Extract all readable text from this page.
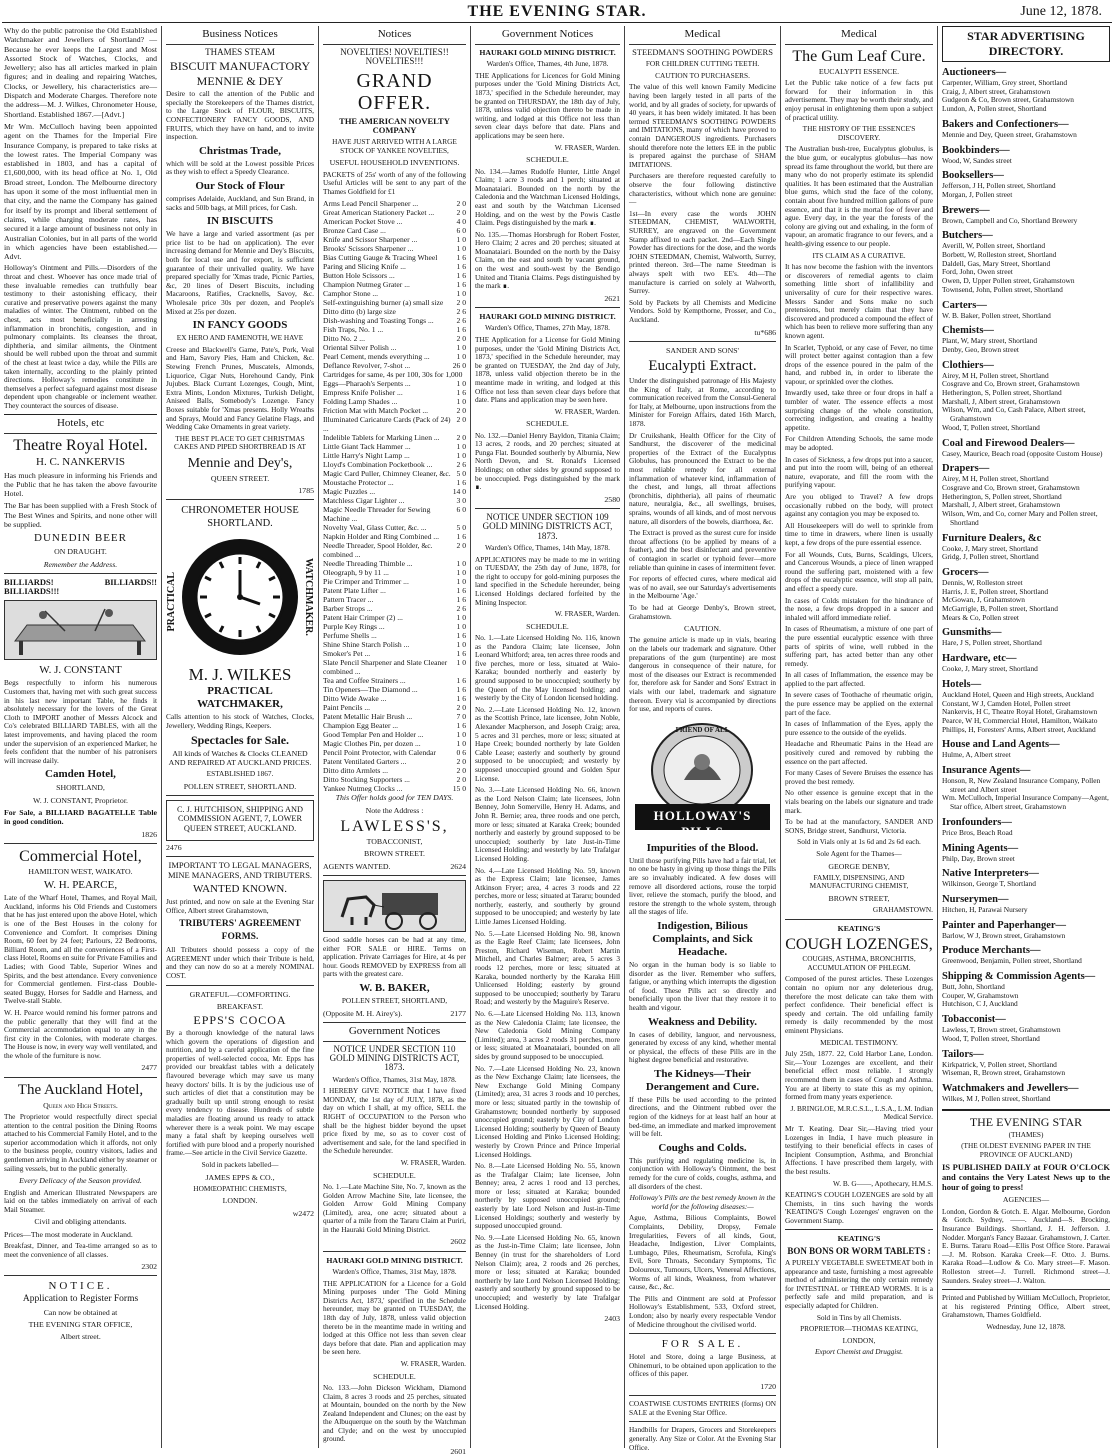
THE EVENING STAR.	June 12, 1878.

Why do the public patronise the Old Established Watchmaker and Jewellers of Shortland? — Because he ever keeps the Largest and Most Assorted Stock of Watches, Clocks, and Jewellery; also has all articles marked in plain figures; and in dealing and repairing Watches, Clocks, or Jewellery, his characteristics are—Dispatch and Moderate Charges. Therefore note the address—M. J. Wilkes, Chronometer House, Shortland. Established 1867.—[Advt.]

Mr Wm. McCulloch having been appointed agent on the Thames for the Imperial Fire Insurance Company, is prepared to take risks at the lowest rates. The Imperial Company was established in 1803, and has a capital of £1,600,000, with its head office at No. 1, Old Broad street, London. The Melbourne directory has upon it some of the most influential men in that city, and the name the Company has gained for itself by its prompt and liberal settlement of claims, while charging moderate rates, has secured it a large amount of business not only in Australian Colonies, but in all parts of the world in which agencies have been established.—Advt.

Holloway's Ointment and Pills.—Disorders of the throat and chest. Whoever has once made trial of these invaluable remedies can truthfully bear testimony to their astonishing efficacy, their curative and preservative powers against the many maladies of winter. The Ointment, rubbed on the chest, acts most beneficially in arresting inflammation in bronchitis, congestion, and in pulmonary complaints. Its cleanses the throat, diphtheria, and similar ailments, the Ointment should be well rubbed upon the throat and summit of the chest at least twice a day, while the Pills are taken internally, according to the plainly printed directions. Holloway's remedies constitute in themselves a perfect safeguard against most disease dependent upon changeable or inclement weather. They counteract the sources of disease.

Hotels, etc
Theatre Royal Hotel.
H. C. NANKERVIS

Has much pleasure in informing his Friends and the Public that he has taken the above favourite Hotel.

The Bar has been supplied with a Fresh Stock of The Best Wines and Spirits, and none other will be supplied.

DUNEDIN BEER

ON DRAUGHT.

Remember the Address.

BILLIARDS! BILLIARDS!! BILLIARDS!!!

W. J. CONSTANT

Begs respectfully to inform his numerous Customers that, having met with such great success in his last new important Table, he finds it absolutely necessary for the lovers of the Great Cloth to IMPORT another of Messrs Alcock and Co's celebrated BILLIARD TABLES, with all the latest improvements, and having placed the room under the supervision of an experienced Marker, he feels confident that the number of his patronisers will increase daily.

Camden Hotel,

SHORTLAND,

W. J. CONSTANT, Proprietor.

For Sale, a BILLIARD BAGATELLE Table in good condition.

1826

Commercial Hotel,

HAMILTON WEST, WAIKATO.

W. H. PEARCE,

Late of the Wharf Hotel, Thames, and Royal Mail, Auckland, informs his Old Friends and Customers that he has just entered upon the above Hotel, which is one of the Best Houses in the colony for Convenience and Comfort. It comprises Dining Room, 60 feet by 24 feet; Parlours, 22 Bedrooms, Billiard Room, and all the conveniences of a First-class Hotel, Rooms en suite for Private Families and Ladies; with Good Table, Superior Wines and Spirits, and the best attendance. Every convenience for Commercial gentlemen. First-class Double-seated Buggy, Horses for Saddle and Harness, and Twelve-stall Stable.

W. H. Pearce would remind his former patrons and the public generally that they will find at the Commercial accommodation equal to any in the first city in the Colonies, with moderate charges. The House is now, in every way well ventilated, and the whole of the furniture is now.

2477

The Auckland Hotel,

Queen and High Streets.

The Proprietor would respectfully direct special attention to the central position the Dining Rooms attached to his Commercial Family Hotel, and to the superior accommodation which it affords, not only to the business people, country visitors, ladies and gentlemen arriving in Auckland either by steamer or sailing vessels, but to the public generally.

Every Delicacy of the Season provided.

English and American Illustrated Newspapers are laid on the tables immediately on arrival of each Mail Steamer.

Civil and obliging attendants.

Prices—The most moderate in Auckland.

Breakfast, Dinner, and Tea-time arranged so as to meet the convenience of all classes.

2302

NOTICE.

Application to Register Forms

Can now be obtained at

THE EVENING STAR OFFICE,

Albert street.

Business Notices

THAMES STEAM

BISCUIT MANUFACTORY
MENNIE & DEY

Desire to call the attention of the Public and specially the Storekeepers of the Thames district, to the Large Stock of FLOUR, BISCUITS, CONFECTIONERY FANCY GOODS, AND FRUITS, which they have on hand, and to invite inspection.

Christmas Trade,

which will be sold at the Lowest possible Prices as they wish to effect a Speedy Clearance.

Our Stock of Flour

comprises Adelaide, Auckland, and Sun Brand, in sacks and 50lb bags, at Mill prices, for Cash.

IN BISCUITS

We have a large and varied assortment (as per price list to be had on application). The ever increasing demand for Mennie and Dey's Biscuits, both for local use and for export, is sufficient guarantee of their unrivalled quality. We have prepared specially for 'Xmas trade, Picnic Parties, &c, 20 lines of Desert Biscuits, including Macaroons, Ratifies, Cracknells, Savoy, &c. Wholesale price 30s per dozen, and People's Mixed at 25s per dozen.

IN FANCY GOODS

EX HERO AND FAMENOTH, WE HAVE

Creese and Blackwell's Game, Pate's, Pork, Veal and Ham, Savory Pies, Ham and Chicken, &c. Stewing French Prunes, Muscatels, Almonds, Liquorice, Cigar Nuts, Horehound Candy, Pink Jujubes. Black Currant Lozenges, Cough, Mint, Extra Mints, London Mixtures, Turkish Delight, Aniseed Balls, Somebody's Lozenge. Fancy Boxes suitable for 'Xmas presents. Holly Wreaths and Sprays, Mould and Fancy Gelatine Flags, and Wedding Cake Ornaments in great variety.

THE BEST PLACE TO GET CHRISTMAS CAKES AND PIPED SHORTBREAD IS AT

Mennie and Dey's,

QUEEN STREET.

1785

CHRONOMETER HOUSE SHORTLAND.
PRACTICAL	WATCHMAKER.
M. J. WILKES
PRACTICAL WATCHMAKER,

Calls attention to his stock of Watches, Clocks, Jewellery, Wedding Rings, Keepers.

Spectacles for Sale.

All kinds of Watches & Clocks CLEANED AND REPAIRED AT AUCKLAND PRICES.

ESTABLISHED 1867.

POLLEN STREET, SHORTLAND.

C. J. HUTCHISON, SHIPPING AND COMMISSION AGENT, 7, LOWER QUEEN STREET, AUCKLAND.

2476

IMPORTANT TO LEGAL MANAGERS, MINE MANAGERS, AND TRIBUTERS.

WANTED KNOWN.

Just printed, and now on sale at the Evening Star Office, Albert street Grahamstown,

TRIBUTERS' AGREEMENT FORMS.

All Tributers should possess a copy of the AGREEMENT under which their Tribute is held, and they can now do so at a merely NOMINAL COST.

GRATEFUL—COMFORTING.

BREAKFAST.

EPPS'S COCOA

By a thorough knowledge of the natural laws which govern the operations of digestion and nutrition, and by a careful application of the fine properties of well-selected cocoa, Mr. Epps has provided our breakfast tables with a delicately flavoured beverage which may save us many heavy doctors' bills. It is by the judicious use of such articles of diet that a constitution may be gradually built up until strong enough to resist every tendency to disease. Hundreds of subtle maladies are floating around us ready to attack wherever there is a weak point. We may escape many a fatal shaft by keeping ourselves well fortified with pure blood and a properly nourished frame.—See article in the Civil Service Gazette.

Sold in packets labelled—

JAMES EPPS & CO.,

HOMŒOPATHIC CHEMISTS,

LONDON.

w2472

Notices

NOVELTIES! NOVELTIES!! NOVELTIES!!!

GRAND OFFER.

THE AMERICAN NOVELTY COMPANY

HAVE JUST ARRIVED WITH A LARGE STOCK OF YANKEE NOVELTIES,

USEFUL HOUSEHOLD INVENTIONS.

PACKETS of 25s' worth of any of the following Useful Articles will be sent to any part of the Thames Goldfield for £1

Arms Lead Pencil Sharpener ...	2 0
Great American Stationery Packet ...	2 0
American Pocket Stove ...	4 0
Bronze Card Case ...	6 0
Knife and Scissor Sharpener ...	1 0
Brooks' Scissors Sharpener ...	1 0
Bias Cutting Gauge & Tracing Wheel	1 6
Paring and Slicing Knife ...	1 6
Button Hole Scissors ...	1 6
Champion Nutmeg Grater ...	1 6
Camphor Stone ...	1 0
Self-extinguishing burner (a) small size	2 0
Ditto ditto (b) large size	2 6
Dish-washing and Toasting Tongs ...	2 6
Fish Traps, No. 1 ...	1 6
Ditto No. 2 ...	2 0
Oriental Silver Polish ...	1 0
Pearl Cement, mends everything ...	1 0
Deflance Revolver, 7-shot ...	26 0
Cartridges for same, 4s per 100, 30s for 1,000
Eggs—Pharaoh's Serpents ...	1 0
Empress Knife Polisher ...	1 6
Folding Lamp Shades ...	1 0
Friction Mat with Match Pocket ...	2 0
Illuminated Caricature Cards (Pack of 24) ...
2 0
Indelible Tablets for Marking Linen ...	2 0
Little Giant Tack Hammer ...	1 0
Little Harry's Night Lamp ...	1 0
Lloyd's Combination Pocketbook ...	2 6
Magic Card Puller, Chimney Cleaner, &c. 5 0
Moustache Protector ...	1 6
Magic Puzzles ...	14 0
Matchless Cigar Lighter ...	3 0
Magic Needle Threader for Sewing Machine ...
6 0
Novelty Veal, Glass Cutter, &c. ...	5 0
Napkin Holder and Ring Combined ...	1 6
Needle Threader, Spool Holder, &c. combined ...
2 0
Needle Threading Thimble ...	1 0
Oleograph, 9 by 11 ...	1 0
Pie Crimper and Trimmer ...	1 0
Patent Plate Lifter ...	1 6
Pattern Tracer ...	1 6
Barber Strops ...	2 6
Patent Hair Crimper (2) ...	1 0
Purple Key Rings ...	1 0
Perfume Shells ...	1 6
Shine Shine Starch Polish ...	1 0
Smoker's Pet ...	1 6
Slate Pencil Sharpener and Slate Cleaner combined ...
1 0
Tea and Coffee Strainers ...	1 6
Tin Openers—The Diamond ...	1 6
Ditto Wide Awake ...	1 6
Paint Pencils ...	2 0
Patent Metallic Hair Brush ...	7 0
Champion Egg Beater ...	1 6
Good Templar Pen and Holder ...	1 0
Magic Clothes Pin, per dozen ...	1 0
Pencil Point Protector, with Calendar	0 6
Patent Ventilated Garters ...	2 0
Ditto ditto Armlets ...	2 0
Ditto Stocking Supporters ...	2 0
Yankee Nutmeg Clocks ...	15 0

This Offer holds good for TEN DAYS.

Note the Address :

LAWLESS'S,

TOBACCONIST,

BROWN STREET.

AGENTS WANTED.	2624

Good saddle horses can be had at any time, either FOR SALE or HIRE. Terms on application. Private Carriages for Hire, at 4s per hour. Goods REMOVED by EXPRESS from all parts with the greatest care.

W. B. BAKER,

POLLEN STREET, SHORTLAND,

(Opposite M. H. Airey's).	2177

Government Notices

NOTICE UNDER SECTION 110 GOLD MINING DISTRICTS ACT, 1873.

Warden's Office, Thames, 31st May, 1878.

I HEREBY GIVE NOTICE that I have fixed MONDAY, the 1st day of JULY, 1878, as the day on which I shall, at my office, SELL the RIGHT of OCCUPATION to the Person who shall be the highest bidder beyond the upset price fixed by me, so as to cover cost of advertisement and sale, for the land specified in the Schedule hereunder.

W. FRASER, Warden.

SCHEDULE.

No. 1.—Late Machine Site, No. 7, known as the Golden Arrow Machine Site, late licensee, the Golden Arrow Gold Mining Company (Limited), area, one acre; situated about a quarter of a mile from the Tararu Claim at Puriri, in the Hauraki Gold Mining District.

2602

HAURAKI GOLD MINING DISTRICT.

Warden's Office, Thames, 31st May, 1878.

THE APPLICATION for a Licence for a Gold Mining purposes under 'The Gold Mining Districts Act, 1873,' specified in the Schedule hereunder, may be granted on TUESDAY, the 18th day of July, 1878, unless valid objection thereto be in the meantime made in writing and lodged at this Office not less than seven clear days before that date. Plan and application may be seen here.

W. FRASER, Warden.

SCHEDULE.

No. 133.—John Dickson Wickham, Diamond Claim, 8 acres 3 roods and 25 perches, situated at Mountain, bounded on the north by the New Zealand Independent and Clunes; on the east by the Albuquerque on the south by the Watchman and Clyde; and on the west by unoccupied ground.

2601

Government Notices

HAURAKI GOLD MINING DISTRICT.

Warden's Office, Thames, 4th June, 1878.

THE Applications for Licences for Gold Mining purposes under the 'Gold Mining Districts Act, 1873,' specified in the Schedule hereunder, may be granted on THURSDAY, the 18th day of July, 1878, unless valid objection thereto be made in writing, and lodged at this Office not less than seven clear days before that date. Plans and applications may be seen here.

W. FRASER, Warden.

SCHEDULE.

No. 134.—James Rudolfe Hunter, Little Angel Claim; 1 acre 3 roods and 1 perch; situated at Moanataiari. Bounded on the north by the Caledonia and the Watchman Licensed Holdings, east and south by the Watchman Licensed Holding, and on the west by the Powis Castle Claim. Pegs distinguished by the mark ∎.

No. 135.—Thomas Horsbrugh for Robert Foster, Hero Claim; 2 acres and 20 perches; situated at Moanataiari. Bounded on the north by the Daisy Claim, on the east and south by vacant ground, on the west and south-west by the Bendigo United and Titania Claims. Pegs distinguished by the mark ∎.

2621

HAURAKI GOLD MINING DISTRICT.

Warden's Office, Thames, 27th May, 1878.

THE Application for a License for Gold Mining purposes, under the 'Gold Mining Districts Act, 1873,' specified in the Schedule hereunder, may be granted on TUESDAY, the 2nd day of July, 1878, unless valid objection thereto be in the meantime made in writing, and lodged at this Office not less than seven clear days before that date. Plans and application may be seen here.

W. FRASER, Warden.

SCHEDULE.

No. 132.—Daniel Henry Bayldon, Titania Claim; 13 acres, 2 roods, and 20 perches; situated at Punga Flat. Bounded southerly by Alburnia, New North Devon, and St. Ronald's Licensed Holdings; on other sides by ground supposed to be unoccupied. Pegs distinguished by the mark ∎.

2580

NOTICE UNDER SECTION 109 GOLD MINING DISTRICTS ACT, 1873.

Warden's Office, Thames, 14th May, 1878.

APPLICATIONS may be made to me in writing on TUESDAY, the 25th day of June, 1878, for the right to occupy for gold-mining purposes the land specified in the Schedule hereunder, being Licensed Holdings declared forfeited by the Mining Inspector.

W. FRASER, Warden.

SCHEDULE.

No. 1.—Late Licensed Holding No. 116, known as the Pandora Claim; late licensee, John Leonard Whitford; area, ten acres three roods and five perches, more or less, situated at Waio-Karaka; bounded northerly and easterly by ground supposed to be unoccupied; southerly by the Queen of the May licensed holding; and westerly by the City of London licensed holding.

No. 2.—Late Licensed Holding No. 12, known as the Scottish Prince, late licensee, John Noble, Alexander Macpherson, and Joseph Craig; area, 5 acres and 31 perches, more or less; situated at Hape Creek; bounded northerly by late Golden Cable Lease; easterly and southerly by ground supposed to be unoccupied; and westerly by supposed unoccupied ground and Golden Spur License.

No. 3.—Late Licensed Holding No. 66, known as the Lord Nelson Claim; late licensees, John Benney, John Somerville, Henry H. Adams, and John R. Bernie; area, three roods and one perch, more or less; situated at Karaka Creek; bounded northerly and easterly by ground supposed to be unoccupied; southerly by late Just-in-Time Licensed Holding; and westerly by late Trafalgar Licensed Holding.

No. 4.—Late Licensed Holding No. 59, known as the Express Claim; late licensee, James Atkinson Fryer; area, 4 acres 3 roods and 22 perches, more or less; situated at Tararu; bounded northerly, easterly, and southerly by ground supposed to be unoccupied; and westerly by late Little James Licensed Holding.

No. 5.—Late Licensed Holding No. 98, known as the Eagle Reef Claim; late licensees, John Preston, Richard Wiseman, Robert Martin Mitchell, and Charles Balmer; area, 5 acres 3 roods 12 perches, more or less; situated at Karaka, bounded northerly by the Karaka Hill Unlicensed Holding; easterly by ground supposed to be unoccupied; southerly by Tararu Road; and westerly by the Maguire's Reserve.

No. 6.—Late Licensed Holding No. 113, known as the New Caledonia Claim; late licensee, the New Caledonia Gold Mining Company (Limited); area, 3 acres 2 roods 31 perches, more or less; situated at Moanataiari, bounded on all sides by ground supposed to be unoccupied.

No. 7.—Late Licensed Holding No. 23, known as the New Exchange Claim; late licensees, the New Exchange Gold Mining Company (Limited); area, 31 acres 3 roods and 10 perches, more or less; situated partly in the township of Grahamstown; bounded northerly by supposed unoccupied ground; easterly by City of London Licensed Holding; southerly by Queen of Beauty Licensed Holding and Pinko Licensed Holding; westerly by Crown Prince and Prince Imperial Licensed Holdings.

No. 8.—Late Licensed Holding No. 55, known as the Trafalgar Claim; late licensee, John Benney; area, 2 acres 1 rood and 13 perches, more or less; situated at Karaka; bounded northerly by supposed unoccupied ground; easterly by late Lord Nelson and Just-in-Time Licensed Holdings; southerly and westerly by supposed unoccupied ground.

No. 9.—Late Licensed Holding No. 65, known as the Just-in-Time Claim; late licensee, John Benney (in trust for the shareholders of Lord Nelson Claim); area, 2 roods and 26 perches, more or less; situated at Karaka; bounded northerly by late Lord Nelson Licensed Holding; easterly and southerly by ground supposed to be unoccupied; and westerly by late Trafalgar Licensed Holding.

2403

Medical

STEEDMAN'S SOOTHING POWDERS

FOR CHILDREN CUTTING TEETH.

CAUTION TO PURCHASERS.

The value of this well known Family Medicine having been largely tested in all parts of the world, and by all grades of society, for upwards of 40 years, it has been widely imitated. It has been termed STEEDMAN'S SOOTHING POWDERS and IMITATIONS, many of which have proved to contain DANGEROUS ingredients. Purchasers should therefore note the letters EE in the public is prepared against the purchase of SHAM IMITATIONS.

Purchasers are therefore requested carefully to observe the four following distinctive characteristics, without which none are genuine:—

1st—In every case the words JOHN STEEDMAN, CHEMIST, WALWORTH, SURREY, are engraved on the Government Stamp affixed to each packet. 2nd—Each Single Powder has directions for the dose, and the words JOHN STEEDMAN, Chemist, Walworth, Surrey, printed thereon. 3rd—The name Steedman is always spelt with two EE's. 4th—The manufacture is carried on solely at Walworth, Surrey.

Sold by Packets by all Chemists and Medicine Vendors. Sold by Kempthorne, Prosser, and Co., Auckland.

tu*686

SANDER AND SONS'

Eucalypti Extract.

Under the distinguished patronage of His Majesty the King of Italy, at Rome, according to communication received from the Consul-General for Italy, at Melbourne, upon instructions from the Minister for Foreign Affairs, dated 16th March, 1878.

Dr Cruikshank, Health Officer for the City of Sandhurst, the discoverer of the medicinal properties of the Extract of the Eucalyptus Globulus, has pronounced the Extract to be the most reliable remedy for all external inflammation of whatever kind, inflammation of the chest, and lungs, all throat affections (bronchitis, diphtheria), all pains of rheumatic nature, neuralgia, &c., all swellings, bruises, sprains, wounds of all kinds, and of most nervous nature, all disorders of the bowels, diarrhoea, &c.

The Extract is proved as the surest cure for inside throat affections (to be applied by means of a feather), and the best disinfectant and preventive of contagion in scarlet or typhoid fever—more reliable than quinine in cases of intermittent fever.

For reports of effected cures, where medical aid was of no avail, see our Saturday's advertisements in the Melbourne 'Age.'

To be had at George Denby's, Brown street, Grahamstown.

CAUTION.

The genuine article is made up in vials, bearing on the labels our trademark and signature. Other preparations of the gum (turpentine) are most dangerous in consequence of their nature, for most of the diseases our Extract is recommended for, therefore ask for Sander and Sons' Extract in vials with our label, trademark and signature thereon. Every vial is accompanied by directions for use, and reports of cures.

FRIEND OF ALL
HOLLOWAY'S PILLS
Impurities of the Blood.

Until those purifying Pills have had a fair trial, let no one be hasty in giving up those things the Pills are so invaluably indicated. A few doses will remove all disordered actions, rouse the torpid liver, relieve the stomach, purify the blood, and restore the strength to the whole system, through all the stages of life.

Indigestion, Bilious Complaints, and Sick Headache.

No organ in the human body is so liable to disorder as the liver. Remember who suffers, fatigue, or anything which interrupts the digestion of food. These Pills act so directly and beneficially upon the liver that they restore it to health and vigour.

Weakness and Debility.

In cases of debility, languor, and nervousness, generated by excess of any kind, whether mental or physical, the effects of these Pills are in the highest degree beneficial and restorative.

The Kidneys—Their Derangement and Cure.

If these Pills be used according to the printed directions, and the Ointment rubbed over the region of the kidneys for at least half an hour at bed-time, an immediate and marked improvement will be felt.

Coughs and Colds.

This purifying and regulating medicine is, in conjunction with Holloway's Ointment, the best remedy for the cure of colds, coughs, asthma, and all disorders of the chest.

Holloway's Pills are the best remedy known in the world for the following diseases:—

Ague, Asthma, Bilious Complaints, Bowel Complaints, Debility, Dropsy, Female Irregularities, Fevers of all kinds, Gout, Headache, Indigestion, Liver Complaints, Lumbago, Piles, Rheumatism, Scrofula, King's Evil, Sore Throats, Secondary Symptoms, Tic Doloureux, Tumours, Ulcers, Venereal Affections, Worms of all kinds, Weakness, from whatever cause, &c., &c.

The Pills and Ointment are sold at Professor Holloway's Establishment, 533, Oxford street, London; also by nearly every respectable Vendor of Medicine throughout the civilised world.

FOR SALE.

Hotel and Store, doing a large Business, at Ohinemuri, to be obtained upon application to the offices of this paper.

1720

COASTWISE CUSTOMS ENTRIES (forms) ON SALE at the Evening Star Office.

Handbills for Drapers, Grocers and Storekeepers generally. Any Size or Color. At the Evening Star Office.

Medical
The Gum Leaf Cure.

EUCALYPTI ESSENCE.

Let the Public take notice of a few facts put forward for their information in this advertisement. They may be worth their study, and enjoy perusal in enlightening them upon a subject of practical utility.

THE HISTORY OF THE ESSENCE'S DISCOVERY.

The Australian bush-tree, Eucalyptus globulus, is the blue gum, or eucalyptus globulus—has now spread its fame throughout the world, but there are many who do not properly estimate its splendid qualities. It has been estimated that the Australian blue gums, which stud the face of the colony, contain about five hundred million gallons of pure essence, and that it is the mortal foe of fever and ague. Every day, in the year the forests of the colony are giving out and exhaling, in the form of vapour, an aromatic fragrance to our fevers, and a health-giving essence to our people.

ITS CLAIM AS A CURATIVE.

It has now become the fashion with the inventors or discoverers of remedial agents to claim something little short of infallibility and universality of cure for their respective wares. Messrs Sander and Sons make no such pretensions, but merely claim that they have discovered and produced a compound the effect of which has been to relieve more suffering than any known agent.

In Scarlet, Typhoid, or any case of Fever, no time will protect better against contagion than a few drops of the essence poured in the palm of the hand, and rubbed in, in order to liberate the vapour, or sprinkled over the clothes.

Inwardly used, take three or four drops in half a tumbler of water. The essence effects a most surprising change of the whole constitution, correcting indigestion, and creating a healthy appetite.

For Children Attending Schools, the same mode may be adopted.

In cases of Sickness, a few drops put into a saucer, and put into the room will, being of an ethereal nature, evaporate, and fill the room with the purifying vapour.

Are you obliged to Travel? A few drops occasionally rubbed on the body, will protect against any contagion you may be exposed to.

All Housekeepers will do well to sprinkle from time to time in drawers, where linen is usually kept, a few drops of the pure essential essence.

For all Wounds, Cuts, Burns, Scaldings, Ulcers, and Cancerous Wounds, a piece of linen wrapped round the suffering part, moistened with a few drops of the eucalyptic essence, will stop all pain, and effect a speedy cure.

In cases of Colds mistaken for the hindrance of the nose, a few drops dropped in a saucer and inhaled will afford immediate relief.

In cases of Rheumatism, a mixture of one part of the pure essential eucalyptic essence with three parts of spirits of wine, well rubbed in the suffering part, has acted better than any other remedy.

In all cases of Inflammation, the essence may be applied to the part affected.

In severe cases of Toothache of rheumatic origin, the pure essence may be applied on the external part of the face.

In cases of Inflammation of the Eyes, apply the pure essence to the outside of the eyelids.

Headache and Rheumatic Pains in the Head are positively cured and removed by rubbing the essence on the part affected.

For many Cases of Severe Bruises the essence has proved the best remedy.

No other essence is genuine except that in the vials bearing on the labels our signature and trade mark.

To be had at the manufactory, SANDER AND SONS, Bridge street, Sandhurst, Victoria.

Sold in Vials only at 1s 6d and 2s 6d each.

Sole Agent for the Thames—

GEORGE DENBY,

FAMILY, DISPENSING, AND MANUFACTURING CHEMIST,

BROWN STREET,

GRAHAMSTOWN.

KEATING'S

COUGH LOZENGES,

COUGHS, ASTHMA, BRONCHITIS, ACCUMULATION OF PHLEGM.

Composed of the purest articles. These Lozenges contain no opium nor any deleterious drug, therefore the most delicate can take them with perfect confidence. Their beneficial effect is speedy and certain. The old unfailing family remedy is daily recommended by the most eminent Physicians.

MEDICAL TESTIMONY.

July 25th, 1877. 22, Cold Harbor Lane, London. Sir,—Your Lozenges are excellent, and their beneficial effect most reliable. I strongly recommend them in cases of Cough and Asthma. You are at liberty to state this as my opinion, formed from many years experience.

J. BRINGLOE, M.R.C.S.L., L.S.A., L.M. Indian Medical Service.

Mr T. Keating. Dear Sir,—Having tried your Lozenges in India, I have much pleasure in testifying to their beneficial effects in cases of Incipient Consumption, Asthma, and Bronchial Affections. I have prescribed them largely, with the best results.

W. B. G——, Apothecary, H.M.S.

KEATING'S COUGH LOZENGES are sold by all Chemists, in tins such having the words 'KEATING'S Cough Lozenges' engraven on the Government Stamp.

KEATING'S

BON BONS OR WORM TABLETS :

A PURELY VEGETABLE SWEETMEAT both in appearance and taste, furnishing a most agreeable method of administering the only certain remedy for INTESTINAL or THREAD WORMS. It is a perfectly safe and mild preparation, and is especially adapted for Children.

Sold in Tins by all Chemists.

PROPRIETOR—THOMAS KEATING,

LONDON,

Export Chemist and Druggist.

STAR ADVERTISING DIRECTORY.
Auctioneers—
Carpenter, William, Grey street, Shortland
Craig, J, Albert street, Grahamstown
Gudgeon & Co, Brown street, Grahamstown
Lundon, A, Pollen street, Shortland
Bakers and Confectioners—
Mennie and Dey, Queen street, Grahamstown
Bookbinders—
Wood, W, Sandes street
Booksellers—
Jefferson, J H, Pollen street, Shortland
Morgan, J, Pollen street
Brewers—
Brown, Campbell and Co, Shortland Brewery
Butchers—
Averill, W, Pollen street, Shortland
Borbett, W, Rolleston street, Shortland
Daldell, Gas, Mary Street, Shortland
Ford, John, Owen street
Owen, D, Upper Pollen street, Grahamstown
Townsend, John, Pollen street, Shortland
Carters—
W. B. Baker, Pollen street, Shortland
Chemists—
Plant, W, Mary street, Shortland
Denby, Geo, Brown street
Clothiers—
Airey, M H, Pollen street, Shortland
Cosgrave and Co, Brown street, Grahamstown
Hetherington, S, Pollen street, Shortland
Marshall, J, Albert street, Grahamstown
Wilson, Wm, and Co, Cash Palace, Albert street, Grahamstown
Wood, T, Pollen street, Shortland
Coal and Firewood Dealers—
Casey, Maurice, Beach road (opposite Custom House)
Drapers—
Airey, M H, Pollen street, Shortland
Cosgrave and Co, Brown street, Grahamstown
Hetherington, S, Pollen street, Shortland
Marshall, J, Albert street, Grahamstown
Wilson, Wm, and Co, corner Mary and Pollen street, Shortland
Furniture Dealers, &c
Cooke, J, Mary street, Shortland
Gridg, J, Pollen street, Shortland
Grocers—
Dennis, W, Rolleston street
Harris, J. E, Pollen street, Shortland
McGowan, J, Grahamstown
McGarrigle, B, Pollen street, Shortland
Mears & Co, Pollen street
Gunsmiths—
Hare, J S, Pollen street, Shortland
Hardware, etc—
Cooke, J, Mary street, Shortland
Hotels—
Auckland Hotel, Queen and High streets, Auckland
Constant, W J, Camden Hotel, Pollen street
Nankervis, H C, Theatre Royal Hotel, Grahamstown
Pearce, W H, Commercial Hotel, Hamilton, Waikato
Phillips, H, Foresters' Arms, Albert street, Auckland
House and Land Agents—
Hulme, A, Albert street
Insurance Agents—
Honson, R, New Zealand Insurance Company, Pollen street and Albert street
Wm. McCulloch, Imperial Insurance Company—Agent, Star office, Albert street, Grahamstown
Ironfounders—
Price Bros, Beach Road
Mining Agents—
Philp, Day, Brown street
Native Interpreters—
Wilkinson, George T, Shortland
Nurserymen—
Hitchen, H, Parawai Nursery
Painter and Paperhanger—
Barlow, W J, Brown street, Grahamstown
Produce Merchants—
Greenwood, Benjamin, Pollen street, Shortland
Shipping & Commission Agents—
Butt, John, Shortland
Couper, W, Grahamstown
Hutchison, C J, Auckland
Tobacconist—
Lawless, T, Brown street, Grahamstown
Wood, T, Pollen street, Shortland
Tailors—
Kirkpatrick, V, Pollen street, Shortland
Wiseman, R, Brown street, Grahamstown
Watchmakers and Jewellers—
Wilkes, M J, Pollen street, Shortland
THE EVENING STAR

(THAMES)

(THE OLDEST EVENING PAPER IN THE PROVINCE OF AUCKLAND)

IS PUBLISHED DAILY at FOUR O'CLOCK and contains the Very Latest News up to the hour of going to press!

AGENCIES—

London, Gordon & Gotch. E. Algar. Melbourne, Gordon & Gotch. Sydney, ——. Auckland—S. Brocking, Insurance Buildings. Shortland, J. H. Jefferson. J. Nodder. Morgan's Fancy Bazaar. Grahamstown, J. Carter. E. Burns. Tararu Road—Ellis Post Office Store. Parawai—J. M. Robson. Karaka Creek—F. Otto. J. Burns. Karaka Road—Ludlow & Co. Mary street—F. Mason. Rolleston street—J. Turrell. Richmond street—J. Saunders. Sealey street—J. Walton.

Printed and Published by William McCulloch, Proprietor, at his registered Printing Office, Albert street, Grahamstown, Thames Goldfield.

Wednesday, June 12, 1878.
